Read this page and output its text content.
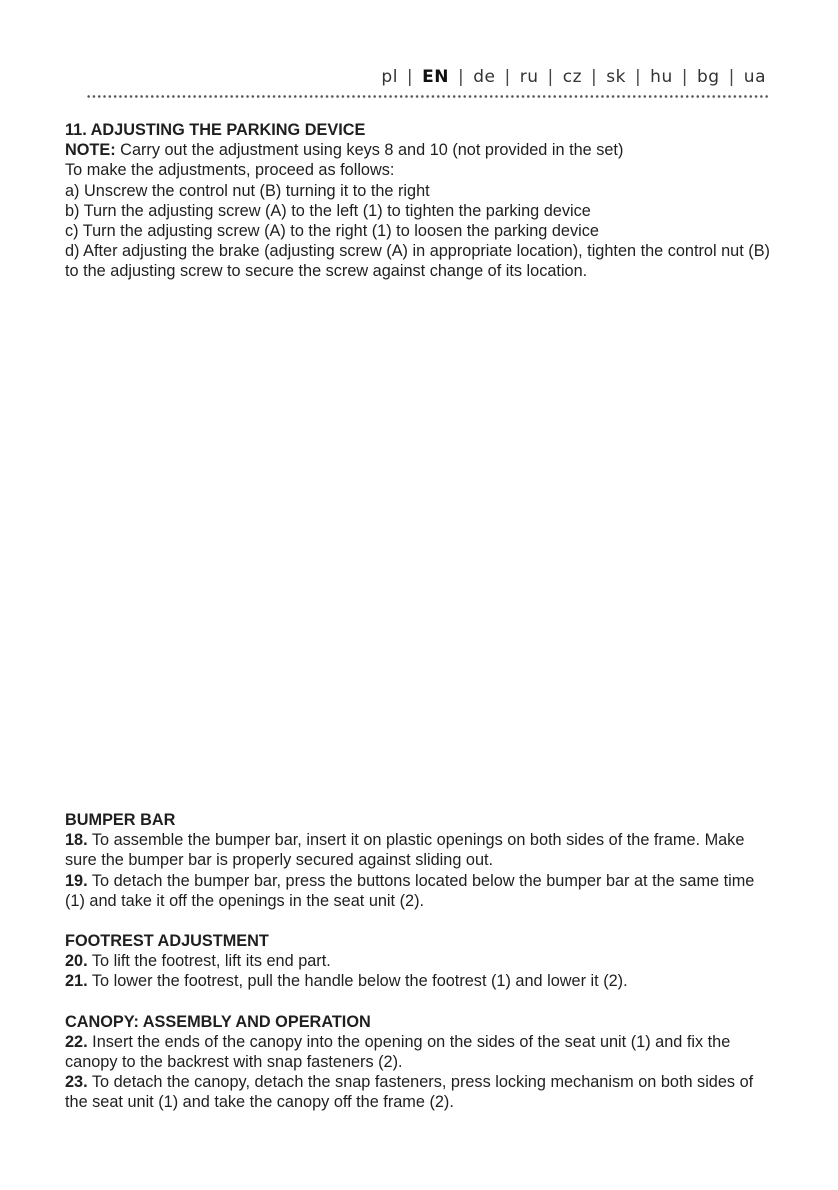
pl | EN | de | ru | cz | sk | hu | bg | ua

11. ADJUSTING THE PARKING DEVICE

NOTE: Carry out the adjustment using keys 8 and 10 (not provided in the set)

To make the adjustments, proceed as follows:

a) Unscrew the control nut (B) turning it to the right

b) Turn the adjusting screw (A) to the left (1) to tighten the parking device

c) Turn the adjusting screw (A) to the right (1) to loosen the parking device

d) After adjusting the brake (adjusting screw (A) in appropriate location), tighten the control nut (B) to the adjusting screw to secure the screw against change of its location.

BUMPER BAR

18. To assemble the bumper bar, insert it on plastic openings on both sides of the frame. Make sure the bumper bar is properly secured against sliding out.

19. To detach the bumper bar, press the buttons located below the bumper bar at the same time (1) and take it off the openings in the seat unit (2).

FOOTREST ADJUSTMENT

20. To lift the footrest, lift its end part.

21. To lower the footrest, pull the handle below the footrest (1) and lower it (2).

CANOPY: ASSEMBLY AND OPERATION

22. Insert the ends of the canopy into the opening on the sides of the seat unit (1) and fix the canopy to the backrest with snap fasteners (2).

23. To detach the canopy, detach the snap fasteners, press locking mechanism on both sides of the seat unit (1) and take the canopy off the frame (2).
